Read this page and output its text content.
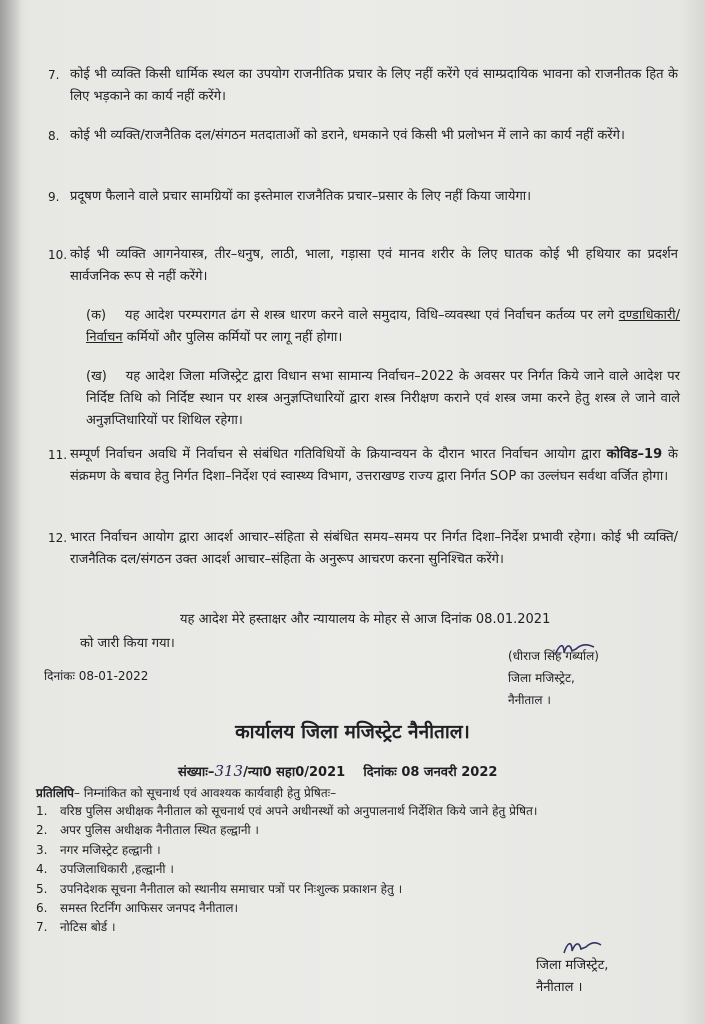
7. कोई भी व्यक्ति किसी धार्मिक स्थल का उपयोग राजनीतिक प्रचार के लिए नहीं करेंगे एवं साम्प्रदायिक भावना को राजनीतक हित के लिए भड़काने का कार्य नहीं करेंगे।
8. कोई भी व्यक्ति/राजनैतिक दल/संगठन मतदाताओं को डराने, धमकाने एवं किसी भी प्रलोभन में लाने का कार्य नहीं करेंगे।
9. प्रदूषण फैलाने वाले प्रचार सामग्रियों का इस्तेमाल राजनैतिक प्रचार–प्रसार के लिए नहीं किया जायेगा।
10. कोई भी व्यक्ति आगनेयास्त्र, तीर–धनुष, लाठी, भाला, गड़ासा एवं मानव शरीर के लिए घातक कोई भी हथियार का प्रदर्शन सार्वजनिक रूप से नहीं करेंगे।
(क) यह आदेश परम्परागत ढंग से शस्त्र धारण करने वाले समुदाय, विधि–व्यवस्था एवं निर्वाचन कर्तव्य पर लगे दण्डाधिकारी/निर्वाचन कर्मियों और पुलिस कर्मियों पर लागू नहीं होगा।
(ख) यह आदेश जिला मजिस्ट्रेट द्वारा विधान सभा सामान्य निर्वाचन–2022 के अवसर पर निर्गत किये जाने वाले आदेश पर निर्दिष्ट तिथि को निर्दिष्ट स्थान पर शस्त्र अनुज्ञप्तिधारियों द्वारा शस्त्र निरीक्षण कराने एवं शस्त्र जमा करने हेतु शस्त्र ले जाने वाले अनुज्ञप्तिधारियों पर शिथिल रहेगा।
11. सम्पूर्ण निर्वाचन अवधि में निर्वाचन से संबंधित गतिविधियों के क्रियान्वयन के दौरान भारत निर्वाचन आयोग द्वारा कोविड–19 के संक्रमण के बचाव हेतु निर्गत दिशा–निर्देश एवं स्वास्थ्य विभाग, उत्तराखण्ड राज्य द्वारा निर्गत SOP का उल्लंघन सर्वथा वर्जित होगा।
12. भारत निर्वाचन आयोग द्वारा आदर्श आचार–संहिता से संबंधित समय–समय पर निर्गत दिशा–निर्देश प्रभावी रहेगा। कोई भी व्यक्ति/राजनैतिक दल/संगठन उक्त आदर्श आचार–संहिता के अनुरूप आचरण करना सुनिश्चित करेंगे।
यह आदेश मेरे हस्ताक्षर और न्यायालय के मोहर से आज दिनांक 08.01.2021
को जारी किया गया।
दिनांकः 08-01-2022
(धीराज सिंह गर्ब्याल)
जिला मजिस्ट्रेट,
नैनीताल ।
कार्यालय जिला मजिस्ट्रेट नैनीताल।
संख्याः–313/न्या0 सहा0/2021 दिनांकः 08 जनवरी 2022
प्रतिलिपि– निम्नांकित को सूचनार्थ एवं आवश्यक कार्यवाही हेतु प्रेषितः–
1. वरिष्ठ पुलिस अधीक्षक नैनीताल को सूचनार्थ एवं अपने अधीनस्थों को अनुपालनार्थ निर्देशित किये जाने हेतु प्रेषित।
2. अपर पुलिस अधीक्षक नैनीताल स्थित हल्द्वानी ।
3. नगर मजिस्ट्रेट हल्द्वानी ।
4. उपजिलाधिकारी ,हल्द्वानी ।
5. उपनिदेशक सूचना नैनीताल को स्थानीय समाचार पत्रों पर निःशुल्क प्रकाशन हेतु ।
6. समस्त रिटर्निंग आफिसर जनपद नैनीताल।
7. नोटिस बोर्ड ।
जिला मजिस्ट्रेट,
नैनीताल ।
